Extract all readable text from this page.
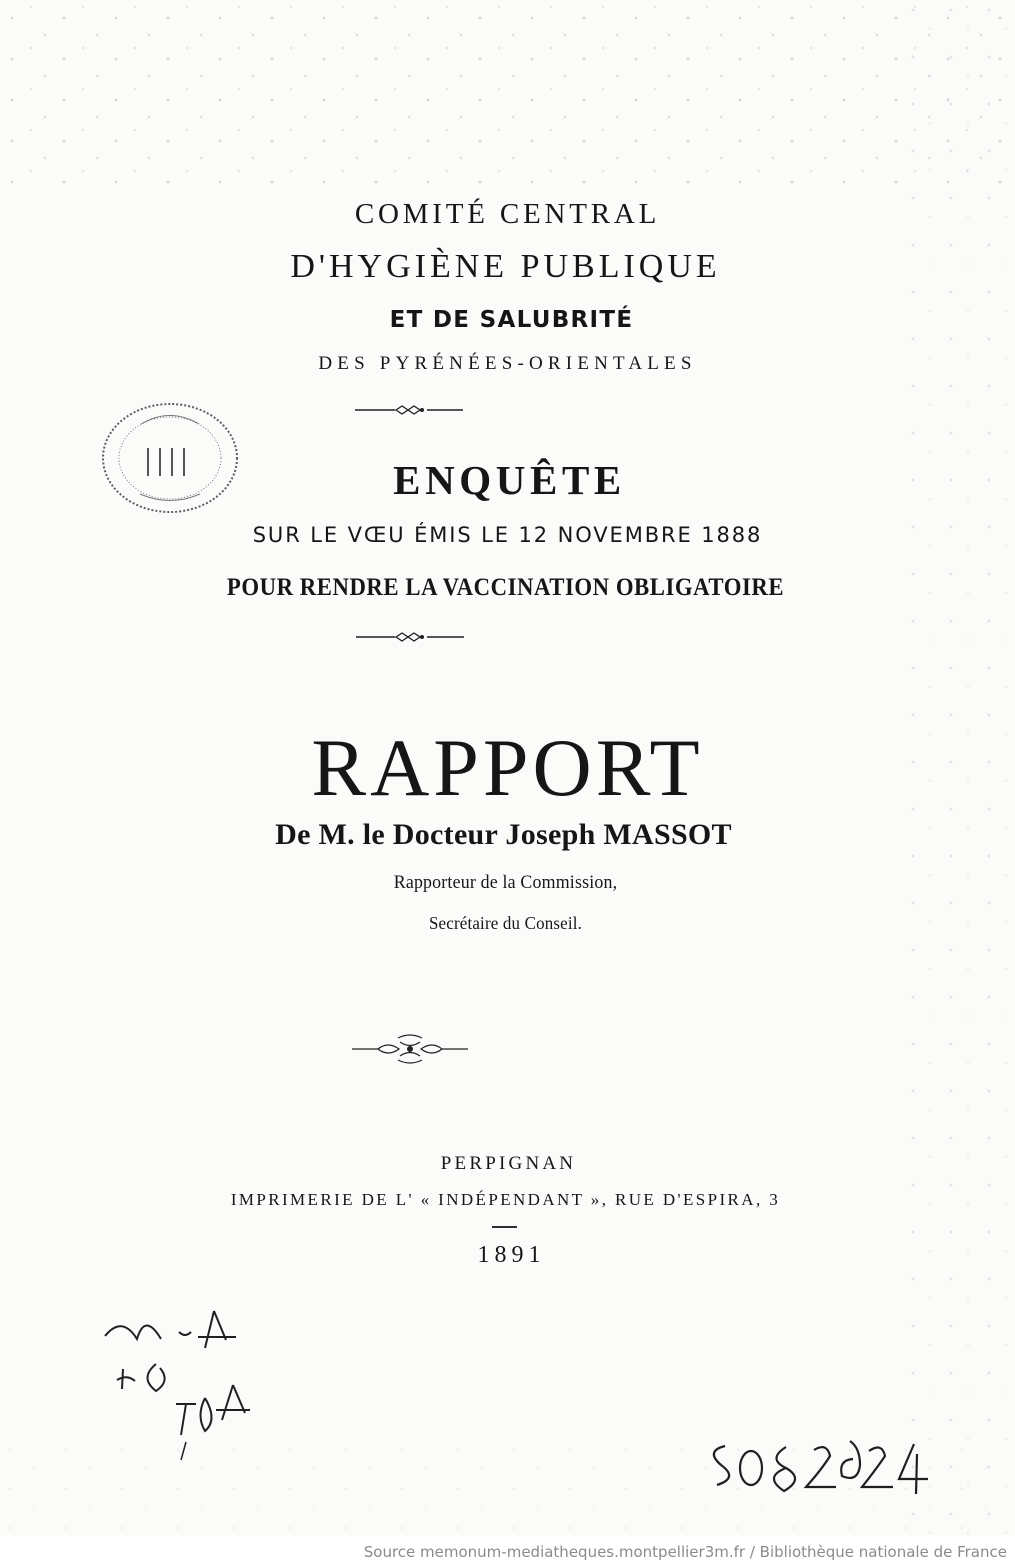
COMITÉ CENTRAL
D'HYGIÈNE PUBLIQUE
ET DE SALUBRITÉ
DES PYRÉNÉES-ORIENTALES
ENQUÊTE
SUR LE VŒU ÉMIS LE 12 NOVEMBRE 1888
POUR RENDRE LA VACCINATION OBLIGATOIRE
RAPPORT
De M. le Docteur Joseph MASSOT
Rapporteur de la Commission,
Secrétaire du Conseil.
PERPIGNAN
IMPRIMERIE DE L' « INDÉPENDANT », RUE D'ESPIRA, 3
1891
Source memonum-mediatheques.montpellier3m.fr / Bibliothèque nationale de France
